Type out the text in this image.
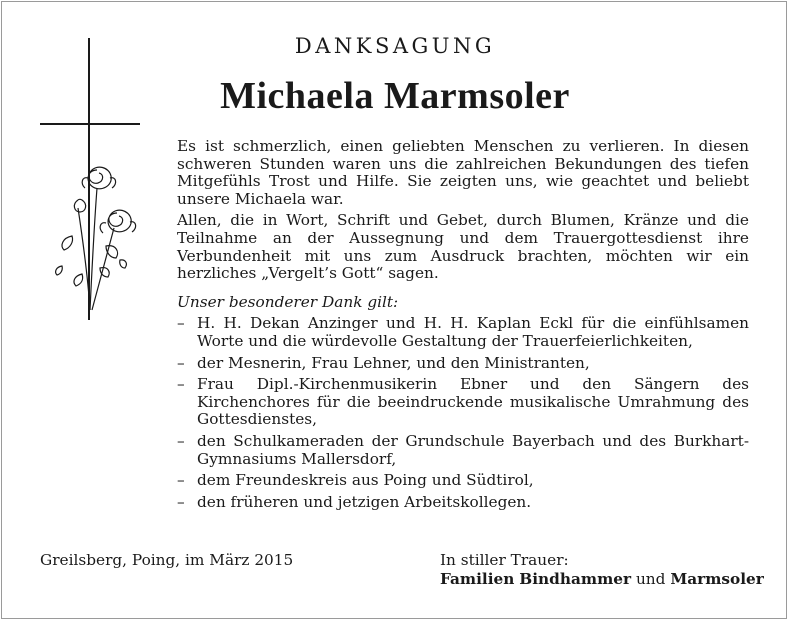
DANKSAGUNG
Michaela Marmsoler

Es ist schmerzlich, einen geliebten Menschen zu verlieren. In diesen schweren Stunden waren uns die zahlreichen Bekundungen des tiefen Mitgefühls Trost und Hilfe. Sie zeigten uns, wie geachtet und beliebt unsere Michaela war.

Allen, die in Wort, Schrift und Gebet, durch Blumen, Kränze und die Teilnahme an der Aussegnung und dem Trauergottesdienst ihre Verbundenheit mit uns zum Ausdruck brachten, möchten wir ein herzliches „Vergelt’s Gott“ sagen.

Unser besonderer Dank gilt:
– H. H. Dekan Anzinger und H. H. Kaplan Eckl für die einfühlsamen Worte und die würdevolle Gestaltung der Trauerfeierlichkeiten,
– der Mesnerin, Frau Lehner, und den Ministranten,
– Frau Dipl.-Kirchenmusikerin Ebner und den Sängern des Kirchenchores für die beeindruckende musikalische Umrahmung des Gottesdienstes,
– den Schulkameraden der Grundschule Bayerbach und des Burkhart-Gymnasiums Mallersdorf,
– dem Freundeskreis aus Poing und Südtirol,
– den früheren und jetzigen Arbeitskollegen.
Greilsberg, Poing, im März 2015	In stiller Trauer:
Familien Bindhammer und Marmsoler
